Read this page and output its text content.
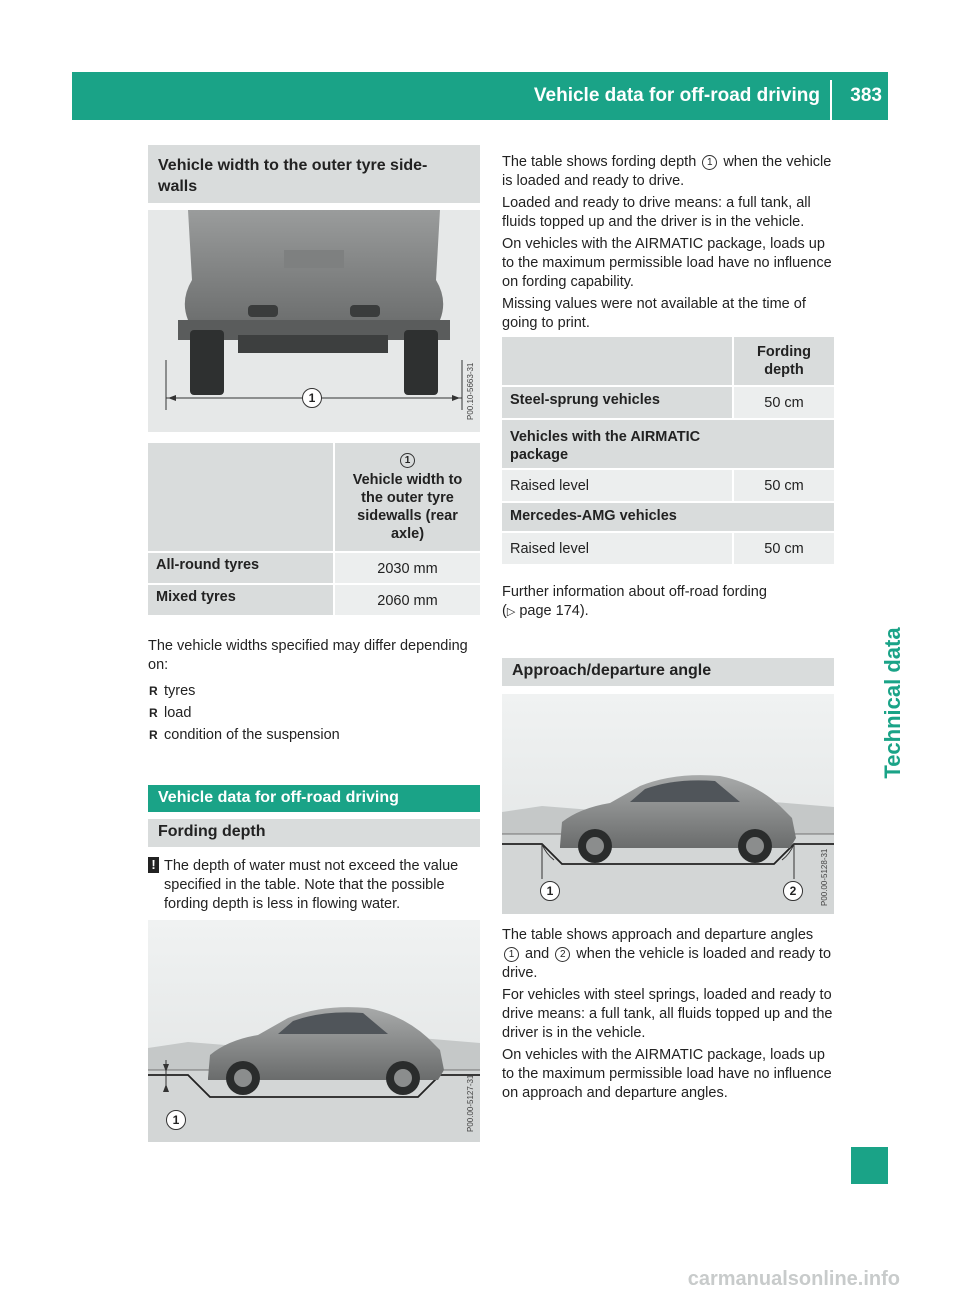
Vehicle data for off-road driving 383
Technical data
Vehicle width to the outer tyre side-walls
1	P00.10-5663-31
1
Vehicle width to the outer tyre sidewalls (rear axle)
All-round tyres	2030 mm
Mixed tyres	2060 mm
The vehicle widths specified may differ depending on:
R tyres
R load
R condition of the suspension
Vehicle data for off-road driving
Fording depth
! The depth of water must not exceed the value specified in the table. Note that the possible fording depth is less in flowing water.
1	P00.00-5127-31

The table shows fording depth 1 when the vehicle is loaded and ready to drive.

Loaded and ready to drive means: a full tank, all fluids topped up and the driver is in the vehicle.

On vehicles with the AIRMATIC package, loads up to the maximum permissible load have no influence on fording capability.

Missing values were not available at the time of going to print.

Fording depth
Steel-sprung vehicles	50 cm
Vehicles with the AIRMATIC package
Raised level	50 cm
Mercedes-AMG vehicles
Raised level	50 cm
Further information about off-road fording
(▷ page 174).
Approach/departure angle
1	2	P00.00-5128-31

The table shows approach and departure angles 1 and 2 when the vehicle is loaded and ready to drive.

For vehicles with steel springs, loaded and ready to drive means: a full tank, all fluids topped up and the driver is in the vehicle.

On vehicles with the AIRMATIC package, loads up to the maximum permissible load have no influence on approach and departure angles.

carmanualsonline.info
